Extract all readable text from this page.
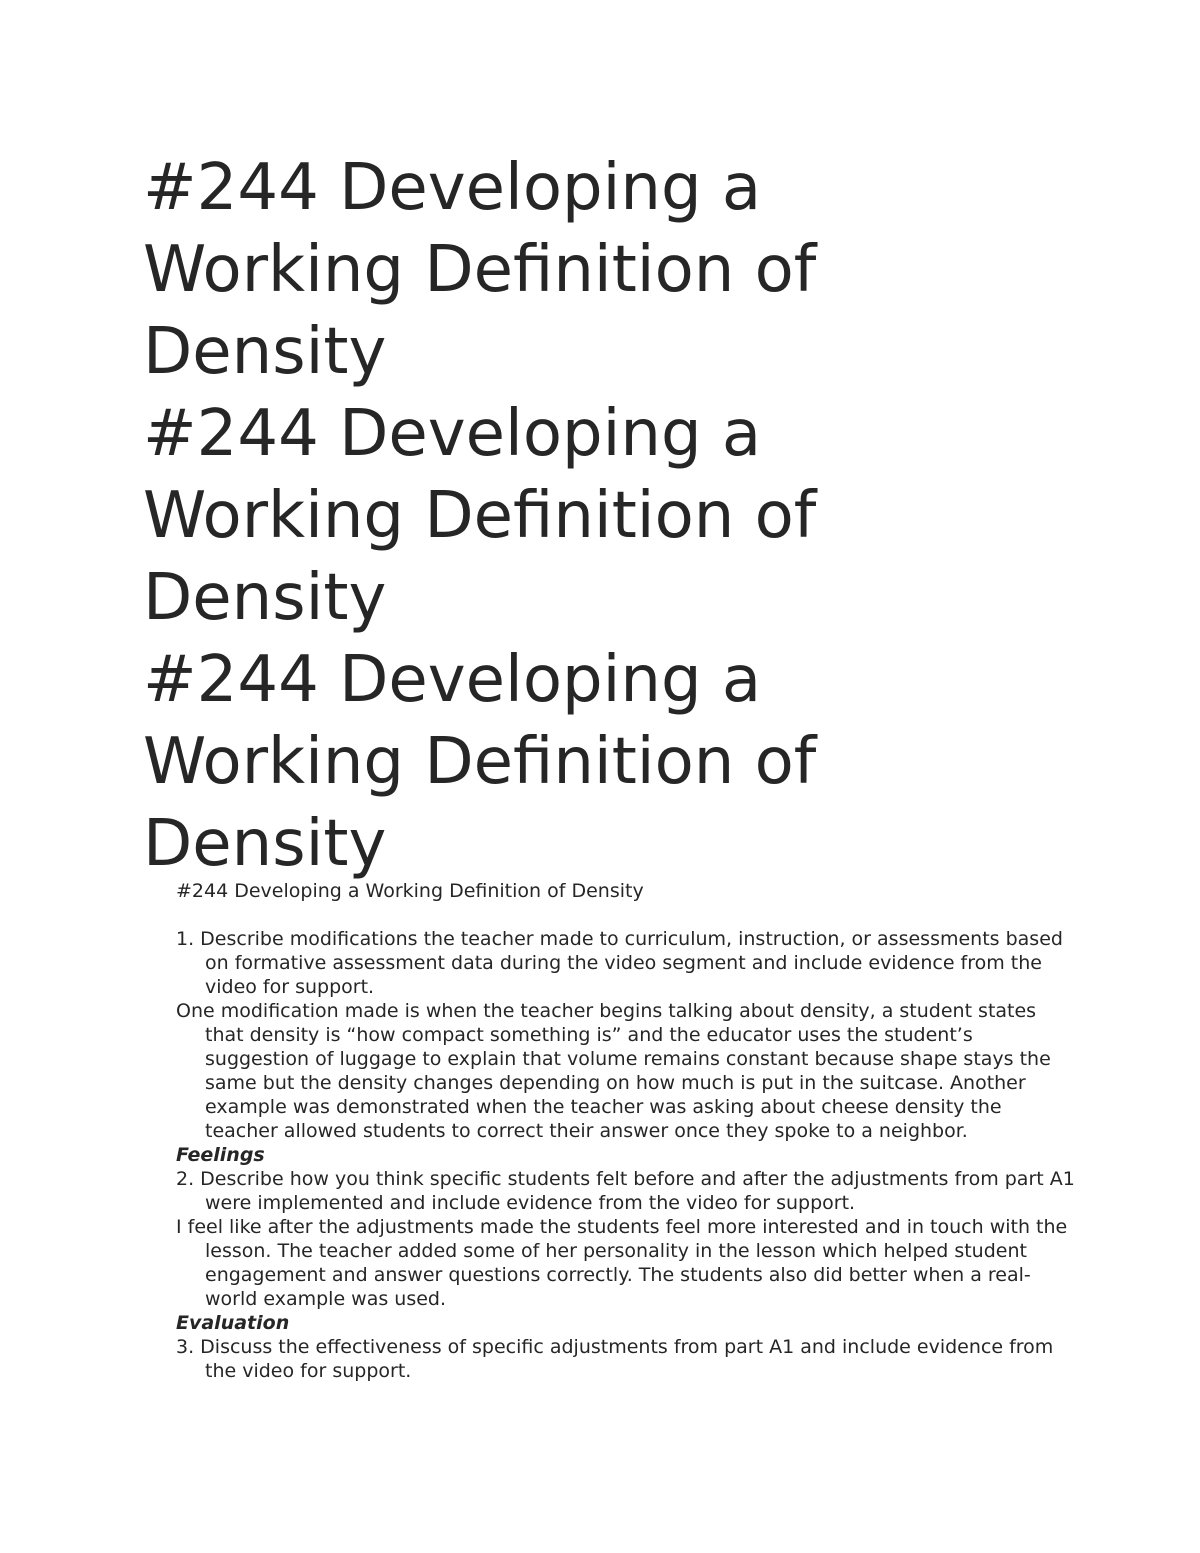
#244 Developing a Working Definition of Density
#244 Developing a Working Definition of Density
#244 Developing a Working Definition of Density

#244 Developing a Working Definition of Density

1. Describe modifications the teacher made to curriculum, instruction, or assessments based on formative assessment data during the video segment and include evidence from the video for support.

One modification made is when the teacher begins talking about density, a student states that density is “how compact something is” and the educator uses the student’s suggestion of luggage to explain that volume remains constant because shape stays the same but the density changes depending on how much is put in the suitcase. Another example was demonstrated when the teacher was asking about cheese density the teacher allowed students to correct their answer once they spoke to a neighbor.

Feelings

2. Describe how you think specific students felt before and after the adjustments from part A1 were implemented and include evidence from the video for support.

I feel like after the adjustments made the students feel more interested and in touch with the lesson. The teacher added some of her personality in the lesson which helped student engagement and answer questions correctly. The students also did better when a real-world example was used.

Evaluation

3. Discuss the effectiveness of specific adjustments from part A1 and include evidence from the video for support.
